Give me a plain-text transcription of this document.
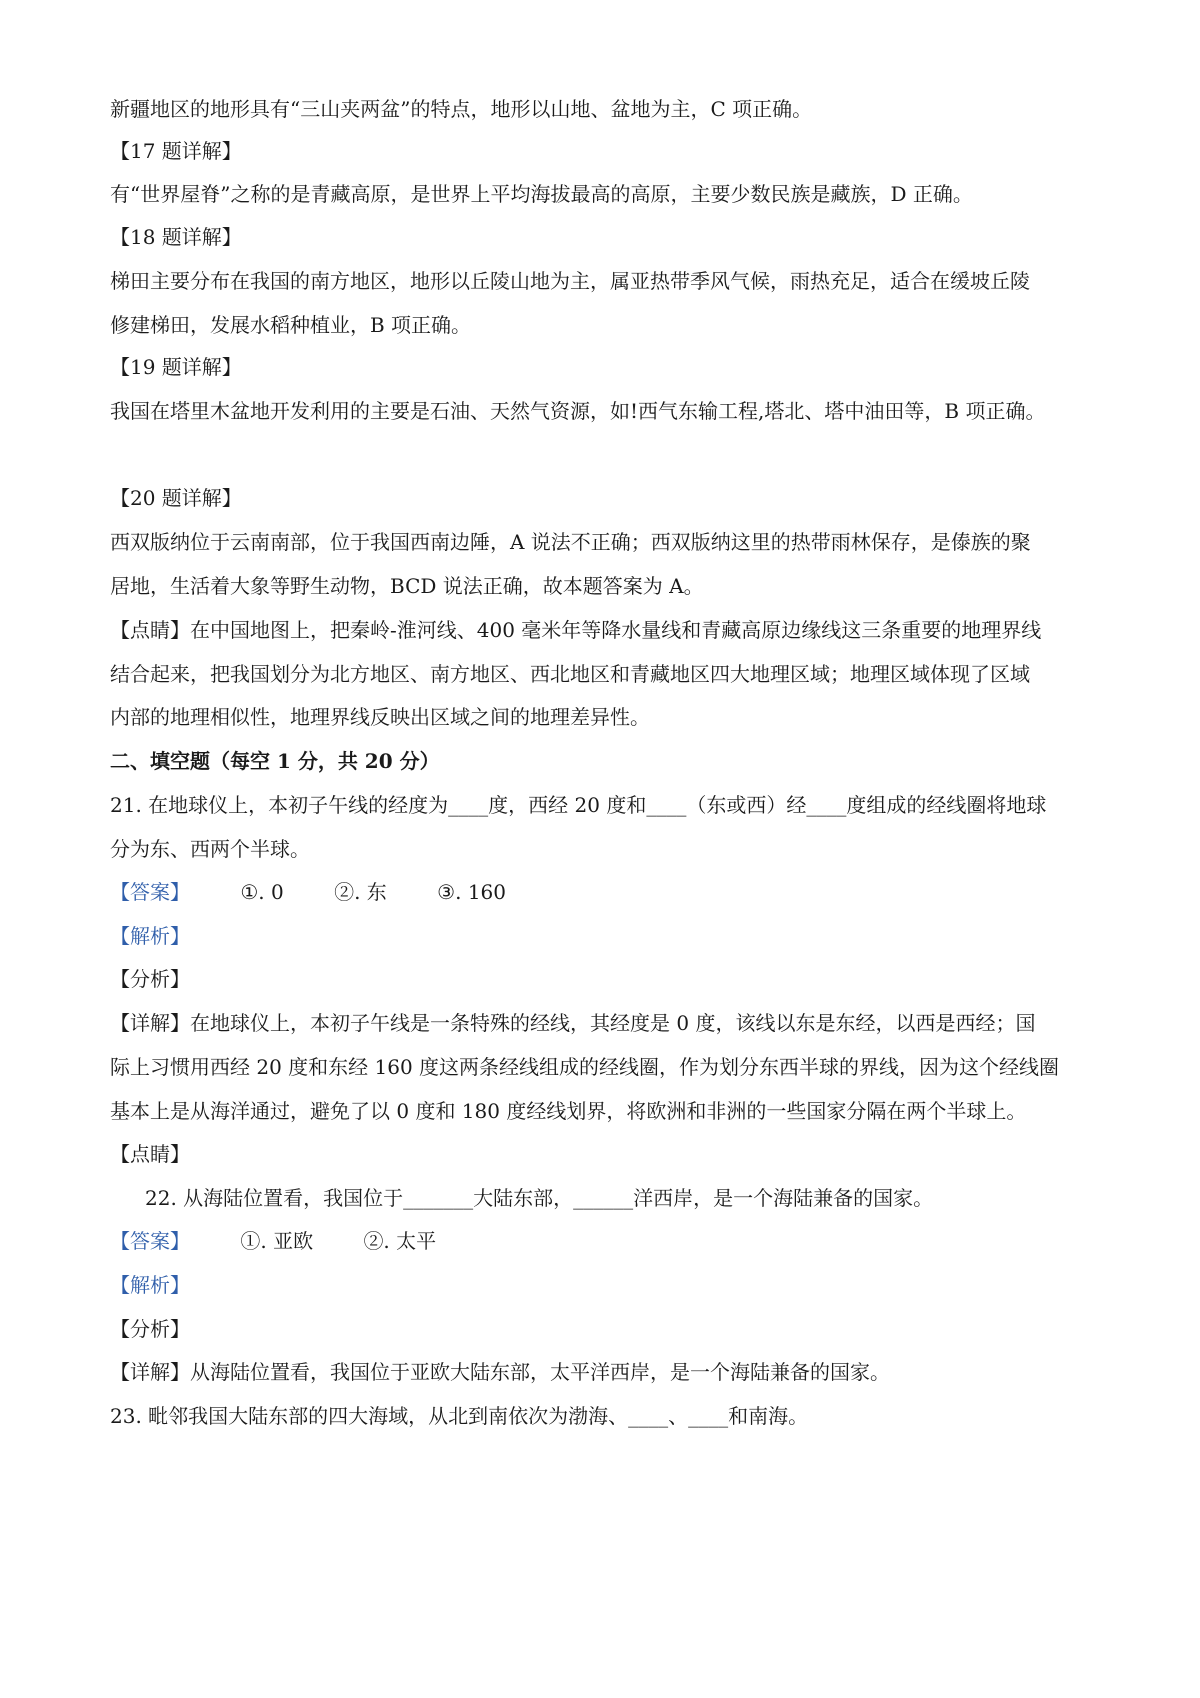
新疆地区的地形具有“三山夹两盆”的特点，地形以山地、盆地为主，C 项正确。
【17 题详解】
有“世界屋脊”之称的是青藏高原，是世界上平均海拔最高的高原，主要少数民族是藏族，D 正确。
【18 题详解】
梯田主要分布在我国的南方地区，地形以丘陵山地为主，属亚热带季风气候，雨热充足，适合在缓坡丘陵
修建梯田，发展水稻种植业，B 项正确。
【19 题详解】
我国在塔里木盆地开发利用的主要是石油、天然气资源，如!西气东输工程,塔北、塔中油田等，B 项正确。
【20 题详解】
西双版纳位于云南南部，位于我国西南边陲，A 说法不正确；西双版纳这里的热带雨林保存，是傣族的聚
居地，生活着大象等野生动物，BCD 说法正确，故本题答案为 A。
【点睛】在中国地图上，把秦岭-淮河线、400 毫米年等降水量线和青藏高原边缘线这三条重要的地理界线
结合起来，把我国划分为北方地区、南方地区、西北地区和青藏地区四大地理区域；地理区域体现了区域
内部的地理相似性，地理界线反映出区域之间的地理差异性。
二、填空题（每空 1 分，共 20 分）
21. 在地球仪上，本初子午线的经度为____度，西经 20 度和____（东或西）经____度组成的经线圈将地球
分为东、西两个半球。
【答案】	①. 0	②. 东	③. 160
【解析】
【分析】
【详解】在地球仪上，本初子午线是一条特殊的经线，其经度是 0 度，该线以东是东经，以西是西经；国
际上习惯用西经 20 度和东经 160 度这两条经线组成的经线圈，作为划分东西半球的界线，因为这个经线圈
基本上是从海洋通过，避免了以 0 度和 180 度经线划界，将欧洲和非洲的一些国家分隔在两个半球上。
【点睛】
22. 从海陆位置看，我国位于_______大陆东部，______洋西岸，是一个海陆兼备的国家。
【答案】	①. 亚欧	②. 太平
【解析】
【分析】
【详解】从海陆位置看，我国位于亚欧大陆东部，太平洋西岸，是一个海陆兼备的国家。
23. 毗邻我国大陆东部的四大海域，从北到南依次为渤海、____、____和南海。
